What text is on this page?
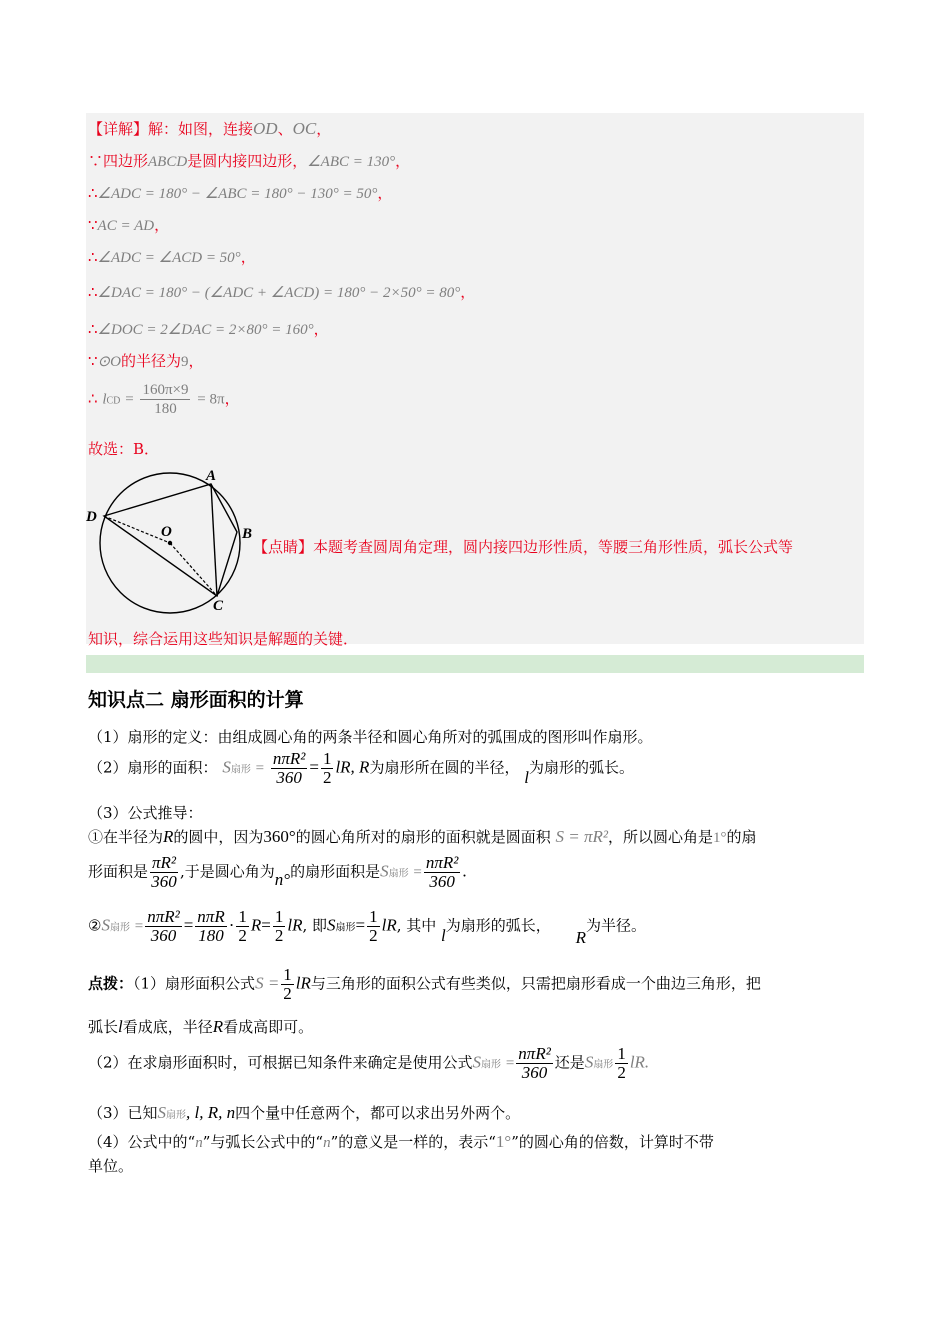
【详解】解：如图，连接OD、OC，
∵四边形ABCD是圆内接四边形，∠ABC = 130°，
∴∠ADC = 180° − ∠ABC = 180° − 130° = 50°，
∵AC = AD，
∴∠ADC = ∠ACD = 50°，
∴∠DAC = 180° − (∠ADC + ∠ACD) = 180° − 2×50° = 80°，
∴∠DOC = 2∠DAC = 2×80° = 160°，
∵⊙O的半径为9，
∴ lCD = $\frac{160\pi\times 9}{180} = 8\pi$，
故选：B．
A
B
C
D
O
【点睛】本题考查圆周角定理，圆内接四边形性质，等腰三角形性质，弧长公式等
知识，综合运用这些知识是解题的关键．
知识点二 扇形面积的计算
（1）扇形的定义：由组成圆心角的两条半径和圆心角所对的弧围成的图形叫作扇形。
（2）扇形的面积： S扇形 = $\frac{\text{nπR²}}{360} = \frac{1}{2}$ lR, R为扇形所在圆的半径， l为扇形的弧长。
（3）公式推导：
①在半径为R的圆中，因为360°的圆心角所对的扇形的面积就是圆面积 S = πR²，所以圆心角是1°的扇
形面积是 $\frac{\text{πR²}}{360}$ ,于是圆心角为n°的扇形面积是S扇形 = $\frac{\text{nπR²}}{360}$ .
②S扇形 = $\frac{\text{nπR²}}{360} = \frac{\text{nπR}}{180} \cdot \frac{1}{2} R= \frac{1}{2}$ lR, 即S扇形= $\frac{1}{2}$ lR, 其中 l为扇形的弧长， R为半径。
点拨：（1）扇形面积公式$S = \frac{1}{2}$ lR与三角形的面积公式有些类似，只需把扇形看成一个曲边三角形，把
弧长l看成底，半径R看成高即可。
（2）在求扇形面积时，可根据已知条件来确定是使用公式S扇形 = $\frac{\text{nπR²}}{360}$ 还是S扇形 $\frac{1}{2}$ lR.
（3）已知S扇形, l, R, n四个量中任意两个，都可以求出另外两个。
（4）公式中的“n”与弧长公式中的“n”的意义是一样的，表示“1°”的圆心角的倍数，计算时不带
单位。
